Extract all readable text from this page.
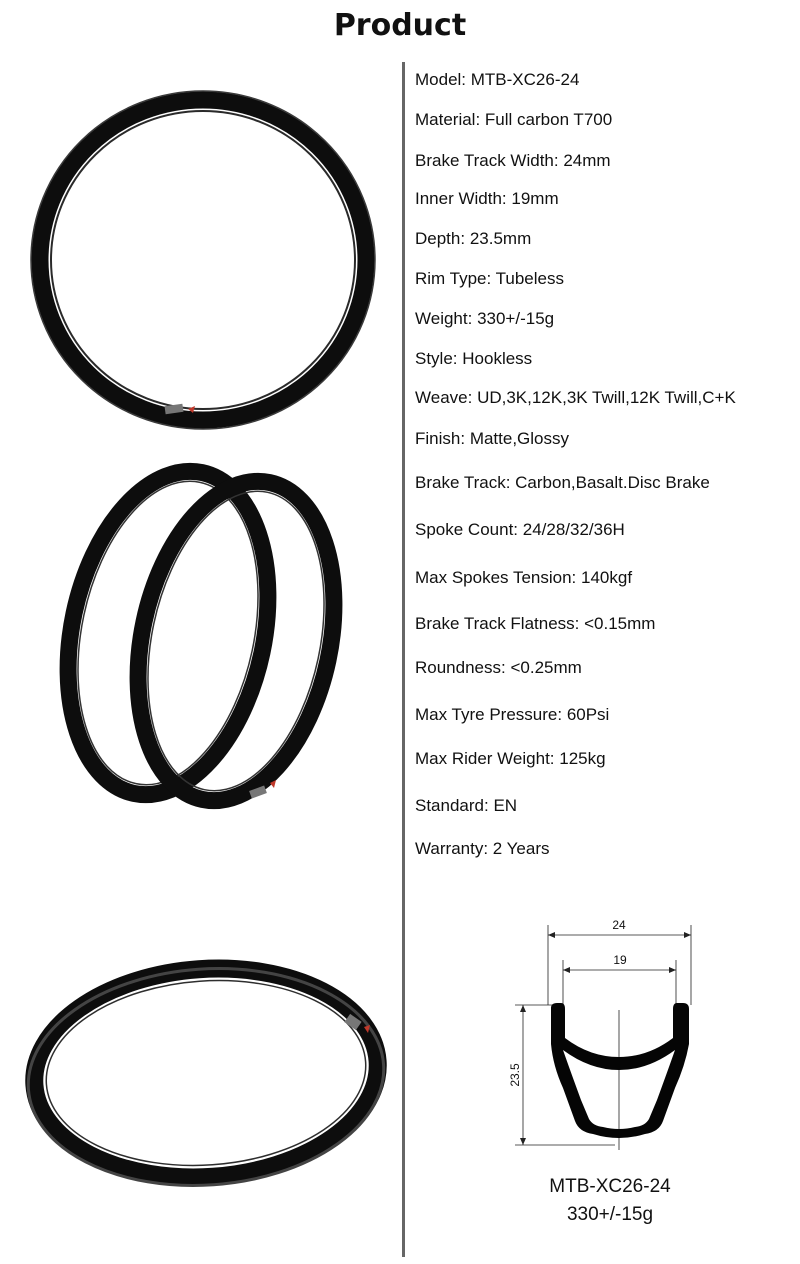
Product
Model: MTB-XC26-24
Material: Full carbon T700
Brake Track Width: 24mm
Inner Width: 19mm
Depth: 23.5mm
Rim Type: Tubeless
Weight: 330+/-15g
Style: Hookless
Weave: UD,3K,12K,3K Twill,12K Twill,C+K
Finish: Matte,Glossy
Brake Track: Carbon,Basalt.Disc Brake
Spoke Count: 24/28/32/36H
Max Spokes Tension: 140kgf
Brake Track Flatness: <0.15mm
Roundness: <0.25mm
Max Tyre Pressure: 60Psi
Max Rider Weight: 125kg
Standard: EN
Warranty: 2 Years
24
19
23.5
MTB-XC26-24
330+/-15g
